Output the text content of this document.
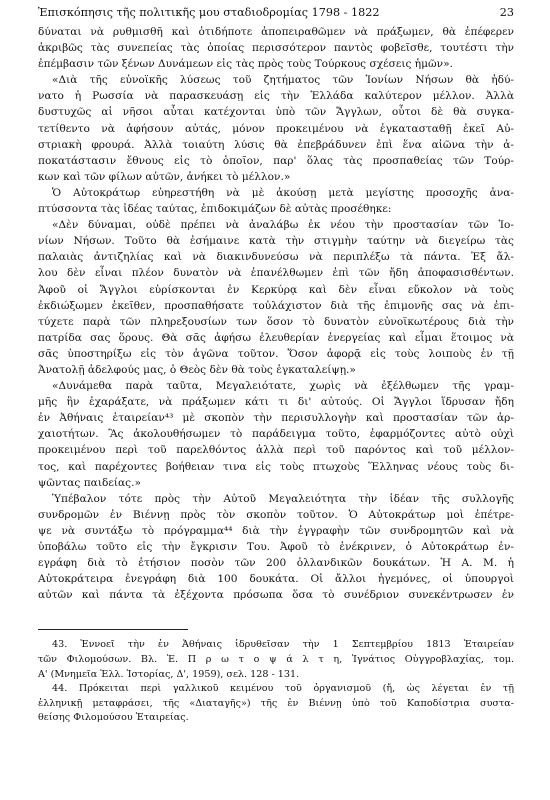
Ἐπισκόπησις τῆς πολιτικῆς μου σταδιοδρομίας 1798 - 1822	23
δύναται νὰ ρυθμισθῆ καὶ ὁτιδήποτε ἀποπειραθῶμεν νὰ πράξωμεν, θὰ ἐπέφερεν
ἀκριβῶς τὰς συνεπείας τὰς ὁποίας περισσότερον παντὸς φοβεῖσθε, τουτέστι τὴν
ἐπέμβασιν τῶν ξένων Δυνάμεων εἰς τὰς πρὸς τοὺς Τούρκους σχέσεις ἡμῶν».
«Διὰ τῆς εὐνοϊκῆς λύσεως τοῦ ζητήματος τῶν Ἰονίων Νήσων θὰ ἠδύ-
νατο ἡ Ρωσσία νὰ παρασκευάσῃ εἰς τὴν Ἑλλάδα καλύτερον μέλλον. Ἀλλὰ
δυστυχῶς αἱ νῆσοι αὗται κατέχονται ὑπὸ τῶν Ἄγγλων, οὗτοι δὲ θὰ συγκα-
τετίθεντο νὰ ἀφήσουν αὐτάς, μόνον προκειμένου νὰ ἐγκατασταθῇ ἐκεῖ Αὐ-
στριακὴ φρουρά. Ἀλλὰ τοιαύτη λύσις θὰ ἐπεβράδυνεν ἐπὶ ἕνα αἰῶνα τὴν ἀ-
ποκατάστασιν ἔθνους εἰς τὸ ὁποῖον, παρ' ὅλας τὰς προσπαθείας τῶν Τούρ-
κων καὶ τῶν φίλων αὐτῶν, ἀνήκει τὸ μέλλον.»
Ὁ Αὐτοκράτωρ εὐηρεστήθη νὰ μὲ ἀκούσῃ μετὰ μεγίστης προσοχῆς ἀνα-
πτύσσοντα τὰς ἰδέας ταύτας, ἐπιδοκιμάζων δὲ αὐτὰς προσέθηκε:
«Δὲν δύναμαι, οὐδὲ πρέπει νὰ ἀναλάβω ἐκ νέου τὴν προστασίαν τῶν Ἰο-
νίων Νήσων. Τοῦτο θὰ ἐσήμαινε κατὰ τὴν στιγμὴν ταύτην νὰ διεγείρω τὰς
παλαιὰς ἀντιζηλίας καὶ νὰ διακινδυνεύσω νὰ περιπλέξω τὰ πάντα. Ἐξ ἄλ-
λου δὲν εἶναι πλέον δυνατὸν νὰ ἐπανέλθωμεν ἐπὶ τῶν ἤδη ἀποφασισθέντων.
Ἀφοῦ οἱ Ἄγγλοι εὑρίσκονται ἐν Κερκύρᾳ καὶ δὲν εἶναι εὔκολον νὰ τοὺς
ἐκδιώξωμεν ἐκεῖθεν, προσπαθήσατε τοὐλάχιστον διὰ τῆς ἐπιμονῆς σας νὰ ἐπι-
τύχετε παρὰ τῶν πληρεξουσίων των ὅσον τὸ δυνατὸν εὐνοϊκωτέρους διὰ τὴν
πατρίδα σας ὅρους. Θὰ σᾶς ἀφήσω ἐλευθερίαν ἐνεργείας καὶ εἶμαι ἕτοιμος νὰ
σᾶς ὑποστηρίξω εἰς τὸν ἀγῶνα τοῦτον. Ὅσον ἀφορᾷ εἰς τοὺς λοιποὺς ἐν τῇ
Ἀνατολῇ ἀδελφούς μας, ὁ Θεὸς δὲν θὰ τοὺς ἐγκαταλείψῃ.»
«Δυνάμεθα παρὰ ταῦτα, Μεγαλειότατε, χωρὶς νὰ ἐξέλθωμεν τῆς γραμ-
μῆς ἣν ἐχαράξατε, νὰ πράξωμεν κάτι τι δι' αὐτούς. Οἱ Ἄγγλοι ἵδρυσαν ἤδη
ἐν Ἀθήναις ἑταιρείαν⁴³ μὲ σκοπὸν τὴν περισυλλογὴν καὶ προστασίαν τῶν ἀρ-
χαιοτήτων. Ἂς ἀκολουθήσωμεν τὸ παράδειγμα τοῦτο, ἐφαρμόζοντες αὐτὸ οὐχὶ
προκειμένου περὶ τοῦ παρελθόντος ἀλλὰ περὶ τοῦ παρόντος καὶ τοῦ μέλλον-
τος, καὶ παρέχοντες βοήθειαν τινα εἰς τοὺς πτωχοὺς Ἕλληνας νέους τοὺς δι-
ψῶντας παιδείας.»
Ὑπέβαλον τότε πρὸς τὴν Αὐτοῦ Μεγαλειότητα τὴν ἰδέαν τῆς συλλογῆς
συνδρομῶν ἐν Βιέννῃ πρὸς τὸν σκοπὸν τοῦτον. Ὁ Αὐτοκράτωρ μοὶ ἐπέτρε-
ψε νὰ συντάξω τὸ πρόγραμμα⁴⁴ διὰ τὴν ἐγγραφὴν τῶν συνδρομητῶν καὶ νὰ
ὑποβάλω τοῦτο εἰς τὴν ἔγκρισιν Του. Ἀφοῦ τὸ ἐνέκρινεν, ὁ Αὐτοκράτωρ ἐν-
εγράφη διὰ τὸ ἐτήσιον ποσὸν τῶν 200 ὀλλανδικῶν δουκάτων. Ἡ Α. Μ. ἡ
Αὐτοκράτειρα ἐνεγράφη διὰ 100 δουκάτα. Οἱ ἄλλοι ἡγεμόνες, οἱ ὑπουργοὶ
αὐτῶν καὶ πάντα τὰ ἐξέχοντα πρόσωπα ὅσα τὸ συνέδριον συνεκέντρωσεν ἐν
43. Ἐννοεῖ τὴν ἐν Ἀθήναις ἱδρυθεῖσαν τὴν 1 Σεπτεμβρίου 1813 Ἑταιρείαν
τῶν Φιλομούσων. Βλ. Ἐ. Π ρ ω τ ο ψ ά λ τ η, Ἰγνάτιος Οὐγγροβλαχίας, τομ.
Α' (Μνημεῖα Ἑλλ. Ἱστορίας, Δ', 1959), σελ. 128 - 131.
44. Πρόκειται περὶ γαλλικοῦ κειμένου τοῦ ὀργανισμοῦ (ἤ, ὡς λέγεται ἐν τῇ
ἑλληνικῇ μεταφράσει, τῆς «Διαταγῆς») τῆς ἐν Βιέννῃ ὑπὸ τοῦ Καποδίστρια συστα-
θείσης Φιλομούσου Ἑταιρείας.
